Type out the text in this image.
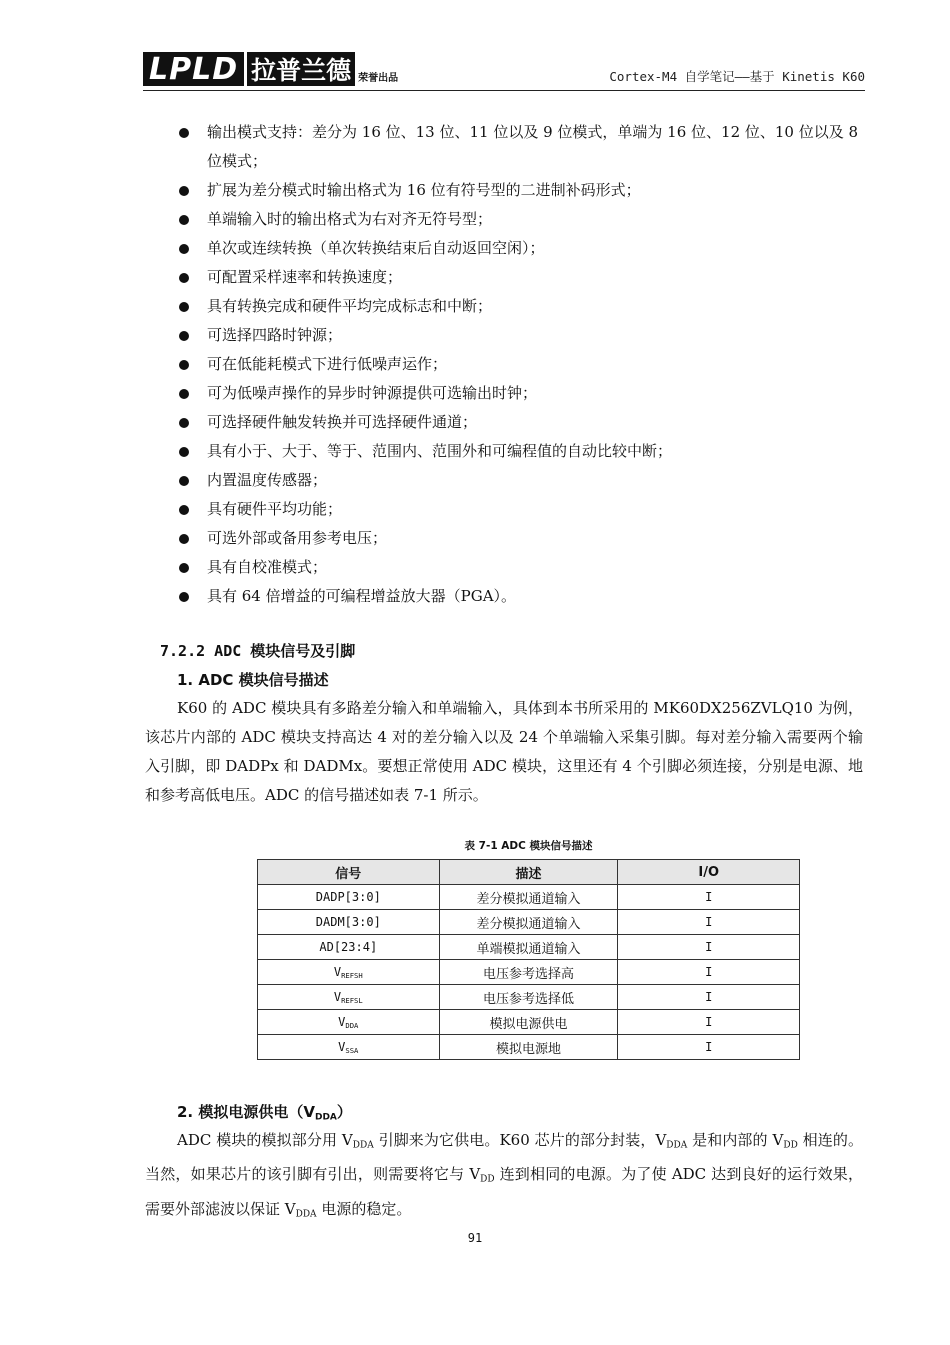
LPLD 拉普兰德 荣誉出品	Cortex-M4 自学笔记——基于 Kinetis K60
输出模式支持：差分为 16 位、13 位、11 位以及 9 位模式，单端为 16 位、12 位、10 位以及 8 位模式；
扩展为差分模式时输出格式为 16 位有符号型的二进制补码形式；
单端输入时的输出格式为右对齐无符号型；
单次或连续转换（单次转换结束后自动返回空闲）；
可配置采样速率和转换速度；
具有转换完成和硬件平均完成标志和中断；
可选择四路时钟源；
可在低能耗模式下进行低噪声运作；
可为低噪声操作的异步时钟源提供可选输出时钟；
可选择硬件触发转换并可选择硬件通道；
具有小于、大于、等于、范围内、范围外和可编程值的自动比较中断；
内置温度传感器；
具有硬件平均功能；
可选外部或备用参考电压；
具有自校准模式；
具有 64 倍增益的可编程增益放大器（PGA）。
7.2.2 ADC 模块信号及引脚
1. ADC 模块信号描述

K60 的 ADC 模块具有多路差分输入和单端输入，具体到本书所采用的 MK60DX256ZVLQ10 为例，该芯片内部的 ADC 模块支持高达 4 对的差分输入以及 24 个单端输入采集引脚。每对差分输入需要两个输入引脚，即 DADPx 和 DADMx。要想正常使用 ADC 模块，这里还有 4 个引脚必须连接，分别是电源、地和参考高低电压。ADC 的信号描述如表 7-1 所示。

表 7-1 ADC 模块信号描述
信号	描述	I/O
DADP[3:0]	差分模拟通道输入	I
DADM[3:0]	差分模拟通道输入	I
AD[23:4]	单端模拟通道输入	I
$V_{REFSH}$	电压参考选择高	I
$V_{REFSL}$	电压参考选择低	I
$V_{DDA}$	模拟电源供电	I
$V_{SSA}$	模拟电源地	I
2. 模拟电源供电$(V_{DDA})$

ADC 模块的模拟部分用 $V_{DDA}$ 引脚来为它供电。K60 芯片的部分封装，$V_{DDA}$ 是和内部的 $V_{DD}$ 相连的。当然，如果芯片的该引脚有引出，则需要将它与 $V_{DD}$ 连到相同的电源。为了使 ADC 达到良好的运行效果，需要外部滤波以保证 $V_{DDA}$ 电源的稳定。

91
